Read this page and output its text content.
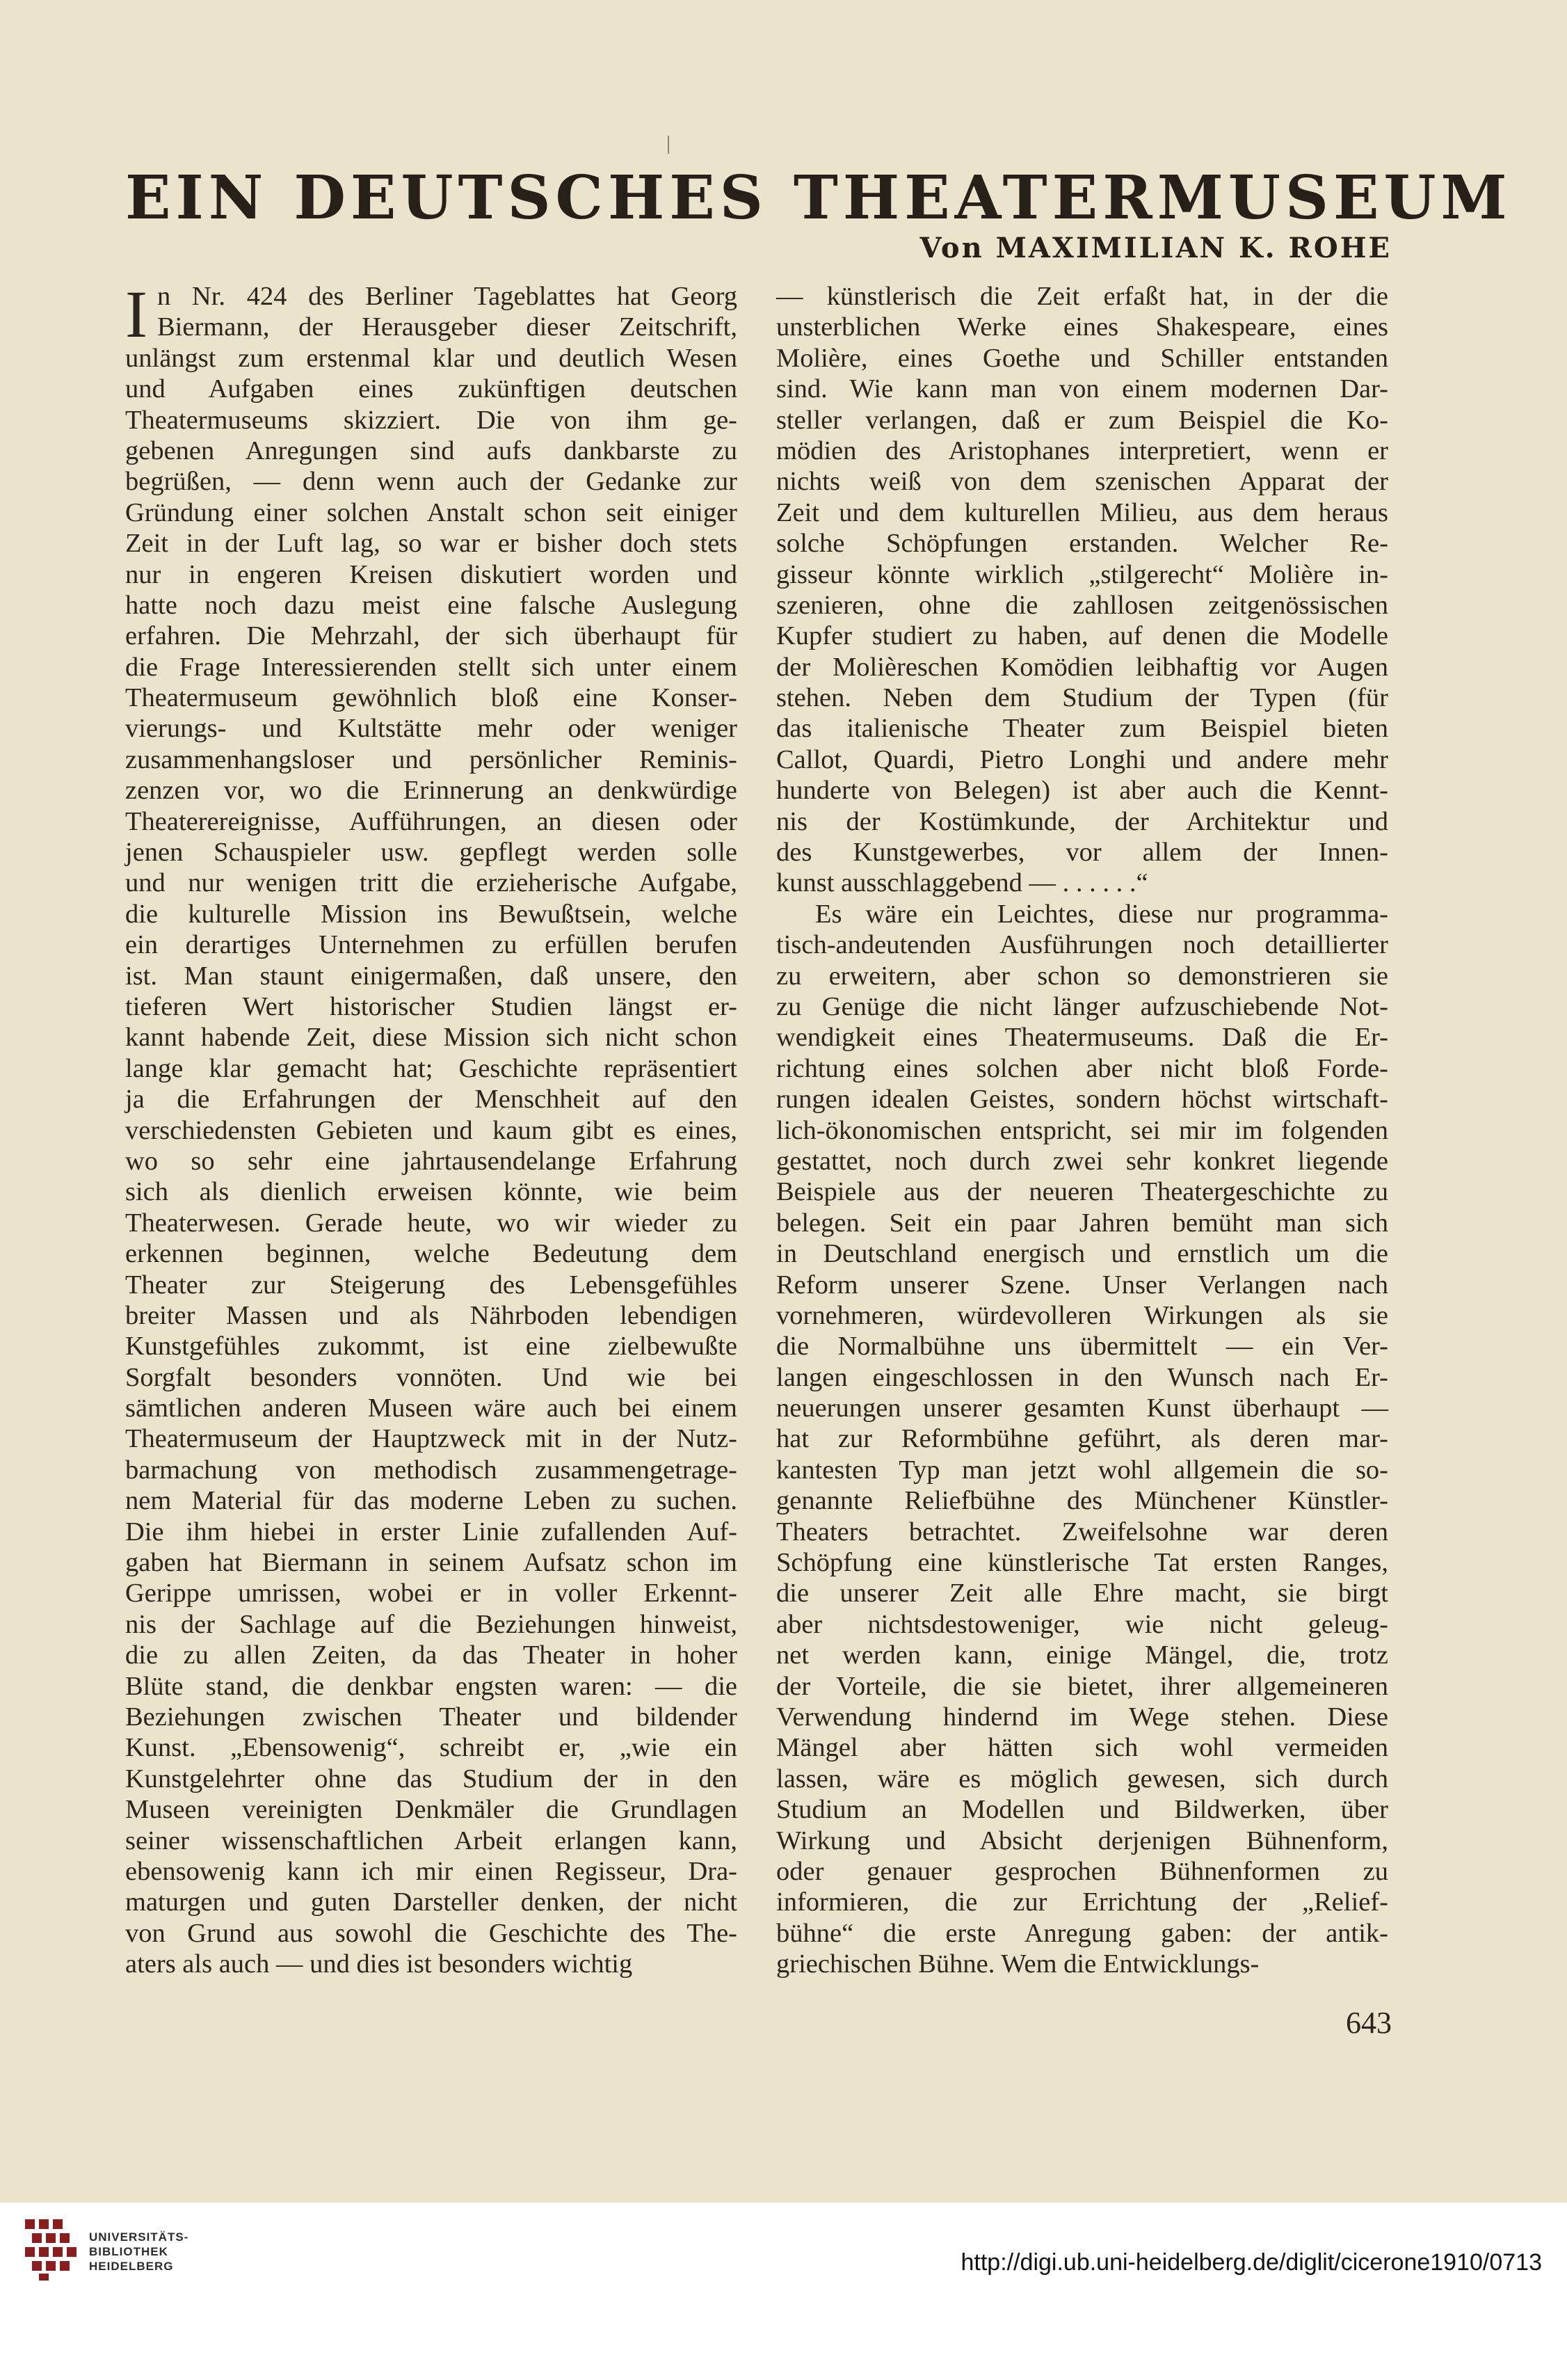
EIN DEUTSCHES THEATERMUSEUM
Von MAXIMILIAN K. ROHE
I n Nr. 424 des Berliner Tageblattes hat Georg
Biermann, der Herausgeber dieser Zeitschrift,
unlängst zum erstenmal klar und deutlich Wesen
und Aufgaben eines zukünftigen deutschen
Theatermuseums skizziert. Die von ihm ge-
gebenen Anregungen sind aufs dankbarste zu
begrüßen, — denn wenn auch der Gedanke zur
Gründung einer solchen Anstalt schon seit einiger
Zeit in der Luft lag, so war er bisher doch stets
nur in engeren Kreisen diskutiert worden und
hatte noch dazu meist eine falsche Auslegung
erfahren. Die Mehrzahl, der sich überhaupt für
die Frage Interessierenden stellt sich unter einem
Theatermuseum gewöhnlich bloß eine Konser-
vierungs- und Kultstätte mehr oder weniger
zusammenhangsloser und persönlicher Reminis-
zenzen vor, wo die Erinnerung an denkwürdige
Theaterereignisse, Aufführungen, an diesen oder
jenen Schauspieler usw. gepflegt werden solle
und nur wenigen tritt die erzieherische Aufgabe,
die kulturelle Mission ins Bewußtsein, welche
ein derartiges Unternehmen zu erfüllen berufen
ist. Man staunt einigermaßen, daß unsere, den
tieferen Wert historischer Studien längst er-
kannt habende Zeit, diese Mission sich nicht schon
lange klar gemacht hat; Geschichte repräsentiert
ja die Erfahrungen der Menschheit auf den
verschiedensten Gebieten und kaum gibt es eines,
wo so sehr eine jahrtausendelange Erfahrung
sich als dienlich erweisen könnte, wie beim
Theaterwesen. Gerade heute, wo wir wieder zu
erkennen beginnen, welche Bedeutung dem
Theater zur Steigerung des Lebensgefühles
breiter Massen und als Nährboden lebendigen
Kunstgefühles zukommt, ist eine zielbewußte
Sorgfalt besonders vonnöten. Und wie bei
sämtlichen anderen Museen wäre auch bei einem
Theatermuseum der Hauptzweck mit in der Nutz-
barmachung von methodisch zusammengetrage-
nem Material für das moderne Leben zu suchen.
Die ihm hiebei in erster Linie zufallenden Auf-
gaben hat Biermann in seinem Aufsatz schon im
Gerippe umrissen, wobei er in voller Erkennt-
nis der Sachlage auf die Beziehungen hinweist,
die zu allen Zeiten, da das Theater in hoher
Blüte stand, die denkbar engsten waren: — die
Beziehungen zwischen Theater und bildender
Kunst. „Ebensowenig“, schreibt er, „wie ein
Kunstgelehrter ohne das Studium der in den
Museen vereinigten Denkmäler die Grundlagen
seiner wissenschaftlichen Arbeit erlangen kann,
ebensowenig kann ich mir einen Regisseur, Dra-
maturgen und guten Darsteller denken, der nicht
von Grund aus sowohl die Geschichte des The-
aters als auch — und dies ist besonders wichtig
— künstlerisch die Zeit erfaßt hat, in der die
unsterblichen Werke eines Shakespeare, eines
Molière, eines Goethe und Schiller entstanden
sind. Wie kann man von einem modernen Dar-
steller verlangen, daß er zum Beispiel die Ko-
mödien des Aristophanes interpretiert, wenn er
nichts weiß von dem szenischen Apparat der
Zeit und dem kulturellen Milieu, aus dem heraus
solche Schöpfungen erstanden. Welcher Re-
gisseur könnte wirklich „stilgerecht“ Molière in-
szenieren, ohne die zahllosen zeitgenössischen
Kupfer studiert zu haben, auf denen die Modelle
der Molièreschen Komödien leibhaftig vor Augen
stehen. Neben dem Studium der Typen (für
das italienische Theater zum Beispiel bieten
Callot, Quardi, Pietro Longhi und andere mehr
hunderte von Belegen) ist aber auch die Kennt-
nis der Kostümkunde, der Architektur und
des Kunstgewerbes, vor allem der Innen-
kunst ausschlaggebend — . . . . . .“
Es wäre ein Leichtes, diese nur programma-
tisch-andeutenden Ausführungen noch detaillierter
zu erweitern, aber schon so demonstrieren sie
zu Genüge die nicht länger aufzuschiebende Not-
wendigkeit eines Theatermuseums. Daß die Er-
richtung eines solchen aber nicht bloß Forde-
rungen idealen Geistes, sondern höchst wirtschaft-
lich-ökonomischen entspricht, sei mir im folgenden
gestattet, noch durch zwei sehr konkret liegende
Beispiele aus der neueren Theatergeschichte zu
belegen. Seit ein paar Jahren bemüht man sich
in Deutschland energisch und ernstlich um die
Reform unserer Szene. Unser Verlangen nach
vornehmeren, würdevolleren Wirkungen als sie
die Normalbühne uns übermittelt — ein Ver-
langen eingeschlossen in den Wunsch nach Er-
neuerungen unserer gesamten Kunst überhaupt —
hat zur Reformbühne geführt, als deren mar-
kantesten Typ man jetzt wohl allgemein die so-
genannte Reliefbühne des Münchener Künstler-
Theaters betrachtet. Zweifelsohne war deren
Schöpfung eine künstlerische Tat ersten Ranges,
die unserer Zeit alle Ehre macht, sie birgt
aber nichtsdestoweniger, wie nicht geleug-
net werden kann, einige Mängel, die, trotz
der Vorteile, die sie bietet, ihrer allgemeineren
Verwendung hindernd im Wege stehen. Diese
Mängel aber hätten sich wohl vermeiden
lassen, wäre es möglich gewesen, sich durch
Studium an Modellen und Bildwerken, über
Wirkung und Absicht derjenigen Bühnenform,
oder genauer gesprochen Bühnenformen zu
informieren, die zur Errichtung der „Relief-
bühne“ die erste Anregung gaben: der antik-
griechischen Bühne. Wem die Entwicklungs-
643
UNIVERSITÄTS-
BIBLIOTHEK
HEIDELBERG	http://digi.ub.uni-heidelberg.de/diglit/cicerone1910/0713
